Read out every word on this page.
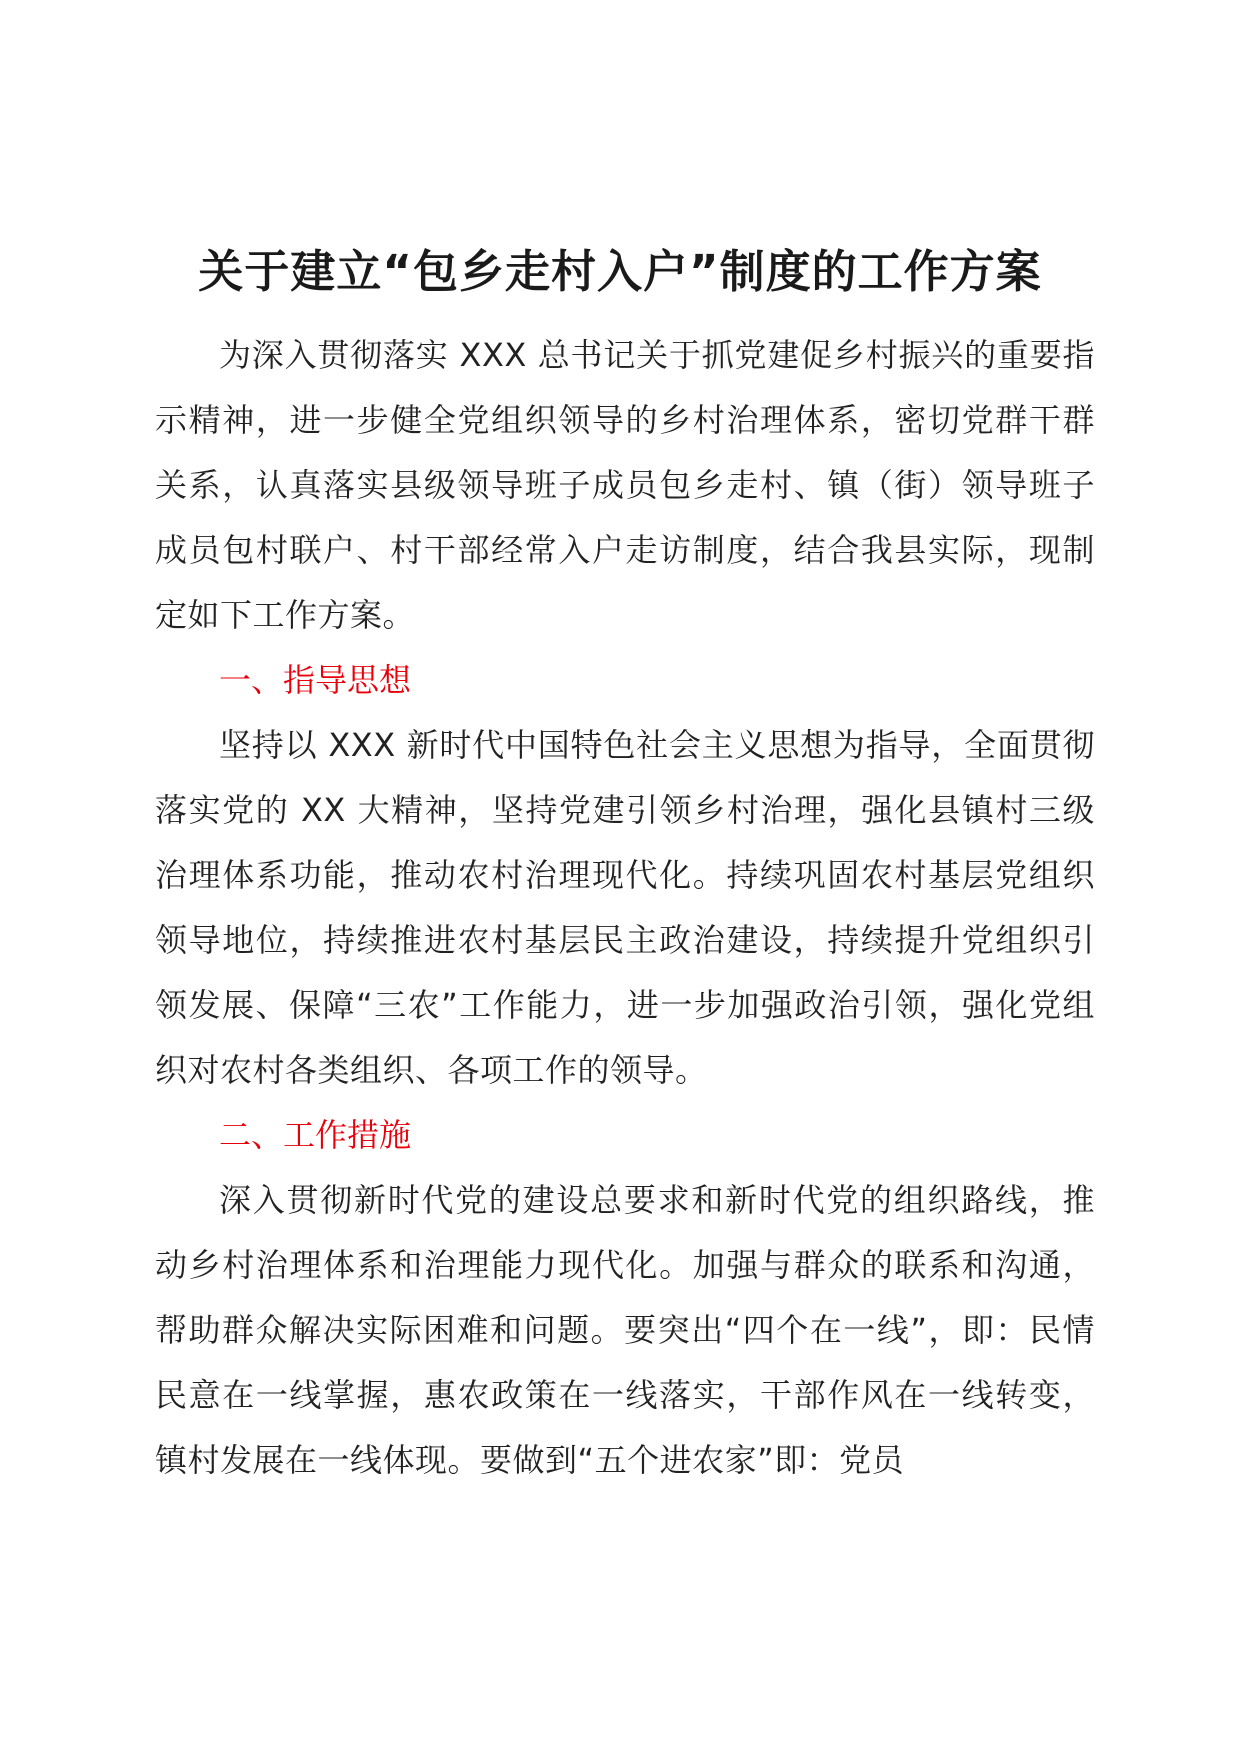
关于建立“包乡走村入户”制度的工作方案

为深入贯彻落实 XXX 总书记关于抓党建促乡村振兴的重要指示精神，进一步健全党组织领导的乡村治理体系，密切党群干群关系，认真落实县级领导班子成员包乡走村、镇（街）领导班子成员包村联户、村干部经常入户走访制度，结合我县实际，现制定如下工作方案。

一、指导思想

坚持以 XXX 新时代中国特色社会主义思想为指导，全面贯彻落实党的 XX 大精神，坚持党建引领乡村治理，强化县镇村三级治理体系功能，推动农村治理现代化。持续巩固农村基层党组织领导地位，持续推进农村基层民主政治建设，持续提升党组织引领发展、保障“三农”工作能力，进一步加强政治引领，强化党组织对农村各类组织、各项工作的领导。

二、工作措施

深入贯彻新时代党的建设总要求和新时代党的组织路线，推动乡村治理体系和治理能力现代化。加强与群众的联系和沟通，帮助群众解决实际困难和问题。要突出“四个在一线”，即：民情民意在一线掌握，惠农政策在一线落实，干部作风在一线转变，镇村发展在一线体现。要做到“五个进农家”即：党员
